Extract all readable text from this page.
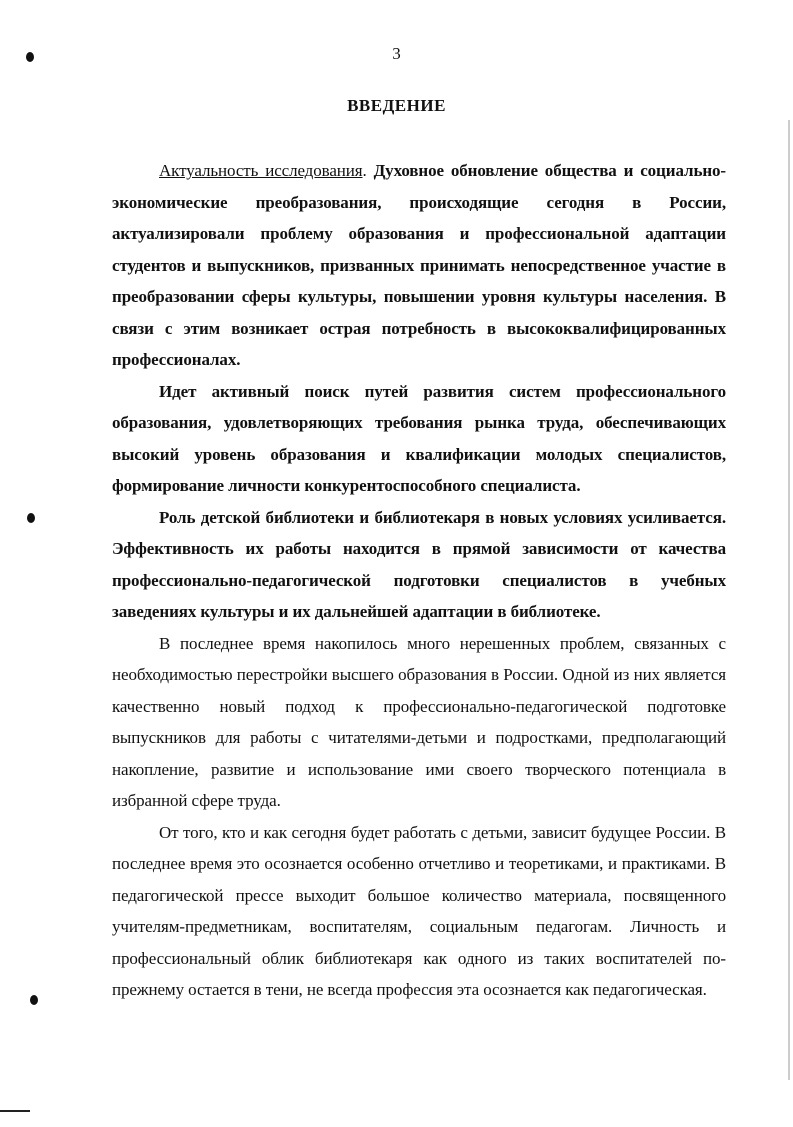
3
ВВЕДЕНИЕ

Актуальность исследования. Духовное обновление общества и социально-экономические преобразования, происходящие сегодня в России, актуализировали проблему образования и профессиональной адаптации студентов и выпускников, призванных принимать непосредственное участие в преобразовании сферы культуры, повышении уровня культуры населения. В связи с этим возникает острая потребность в высококвалифицированных профессионалах.

Идет активный поиск путей развития систем профессионального образования, удовлетворяющих требования рынка труда, обеспечивающих высокий уровень образования и квалификации молодых специалистов, формирование личности конкурентоспособного специалиста.

Роль детской библиотеки и библиотекаря в новых условиях усиливается. Эффективность их работы находится в прямой зависимости от качества профессионально-педагогической подготовки специалистов в учебных заведениях культуры и их дальнейшей адаптации в библиотеке.

В последнее время накопилось много нерешенных проблем, связанных с необходимостью перестройки высшего образования в России. Одной из них является качественно новый подход к профессионально-педагогической подготовке выпускников для работы с читателями-детьми и подростками, предполагающий накопление, развитие и использование ими своего творческого потенциала в избранной сфере труда.

От того, кто и как сегодня будет работать с детьми, зависит будущее России. В последнее время это осознается особенно отчетливо и теоретиками, и практиками. В педагогической прессе выходит большое количество материала, посвященного учителям-предметникам, воспитателям, социальным педагогам. Личность и профессиональный облик библиотекаря как одного из таких воспитателей по-прежнему остается в тени, не всегда профессия эта осознается как педагогическая.
